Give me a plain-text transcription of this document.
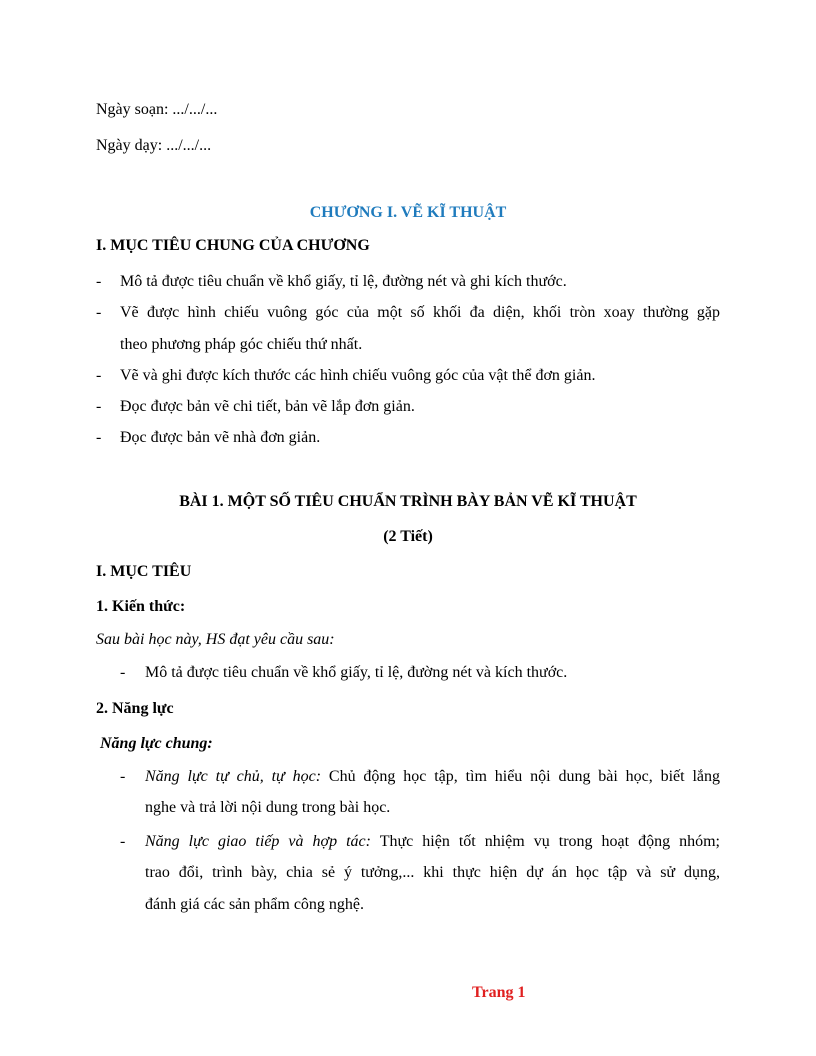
Ngày soạn: .../.../...
Ngày dạy: .../.../...
CHƯƠNG I. VẼ KĨ THUẬT
I. MỤC TIÊU CHUNG CỦA CHƯƠNG
- Mô tả được tiêu chuẩn về khổ giấy, tỉ lệ, đường nét và ghi kích thước.
- Vẽ được hình chiếu vuông góc của một số khối đa diện, khối tròn xoay thường gặp
theo phương pháp góc chiếu thứ nhất.
- Vẽ và ghi được kích thước các hình chiếu vuông góc của vật thể đơn giản.
- Đọc được bản vẽ chi tiết, bản vẽ lắp đơn giản.
- Đọc được bản vẽ nhà đơn giản.
BÀI 1. MỘT SỐ TIÊU CHUẨN TRÌNH BÀY BẢN VẼ KĨ THUẬT
(2 Tiết)
I. MỤC TIÊU
1. Kiến thức:
Sau bài học này, HS đạt yêu cầu sau:
- Mô tả được tiêu chuẩn về khổ giấy, tỉ lệ, đường nét và kích thước.
2. Năng lực
Năng lực chung:
- Năng lực tự chủ, tự học: Chủ động học tập, tìm hiểu nội dung bài học, biết lắng
nghe và trả lời nội dung trong bài học.
- Năng lực giao tiếp và hợp tác: Thực hiện tốt nhiệm vụ trong hoạt động nhóm;
trao đổi, trình bày, chia sẻ ý tưởng,... khi thực hiện dự án học tập và sử dụng,
đánh giá các sản phẩm công nghệ.
Trang 1
